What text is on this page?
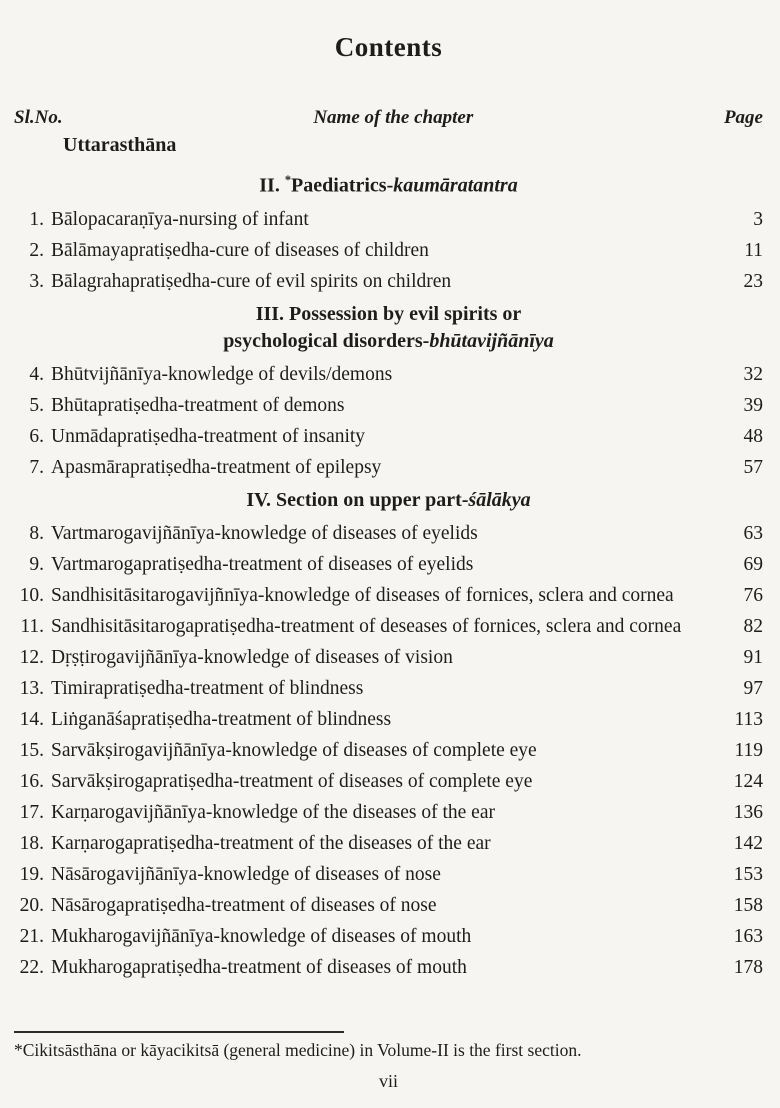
Contents
Sl.No.	Name of the chapter	Page
Uttarasthāna
II. *Paediatrics-kaumāratantra
1. Bālopacaraṇīya-nursing of infant	3
2. Bālāmayapratiṣedha-cure of diseases of children	11
3. Bālagrahapratiṣedha-cure of evil spirits on children	23
III. Possession by evil spirits or
psychological disorders-bhūtavijñānīya
4. Bhūtvijñānīya-knowledge of devils/demons	32
5. Bhūtapratiṣedha-treatment of demons	39
6. Unmādapratiṣedha-treatment of insanity	48
7. Apasmārapratiṣedha-treatment of epilepsy	57
IV. Section on upper part-śālākya
8. Vartmarogavijñānīya-knowledge of diseases of eyelids	63
9. Vartmarogapratiṣedha-treatment of diseases of eyelids	69
10. Sandhisitāsitarogavijñnīya-knowledge of diseases of fornices, sclera and cornea	76
11. Sandhisitāsitarogapratiṣedha-treatment of deseases of fornices, sclera and cornea	82
12. Dṛṣṭirogavijñānīya-knowledge of diseases of vision	91
13. Timirapratiṣedha-treatment of blindness	97
14. Liṅganāśapratiṣedha-treatment of blindness	113
15. Sarvākṣirogavijñānīya-knowledge of diseases of complete eye	119
16. Sarvākṣirogapratiṣedha-treatment of diseases of complete eye	124
17. Karṇarogavijñānīya-knowledge of the diseases of the ear	136
18. Karṇarogapratiṣedha-treatment of the diseases of the ear	142
19. Nāsārogavijñānīya-knowledge of diseases of nose	153
20. Nāsārogapratiṣedha-treatment of diseases of nose	158
21. Mukharogavijñānīya-knowledge of diseases of mouth	163
22. Mukharogapratiṣedha-treatment of diseases of mouth	178
*Cikitsāsthāna or kāyacikitsā (general medicine) in Volume-II is the first section.
vii
